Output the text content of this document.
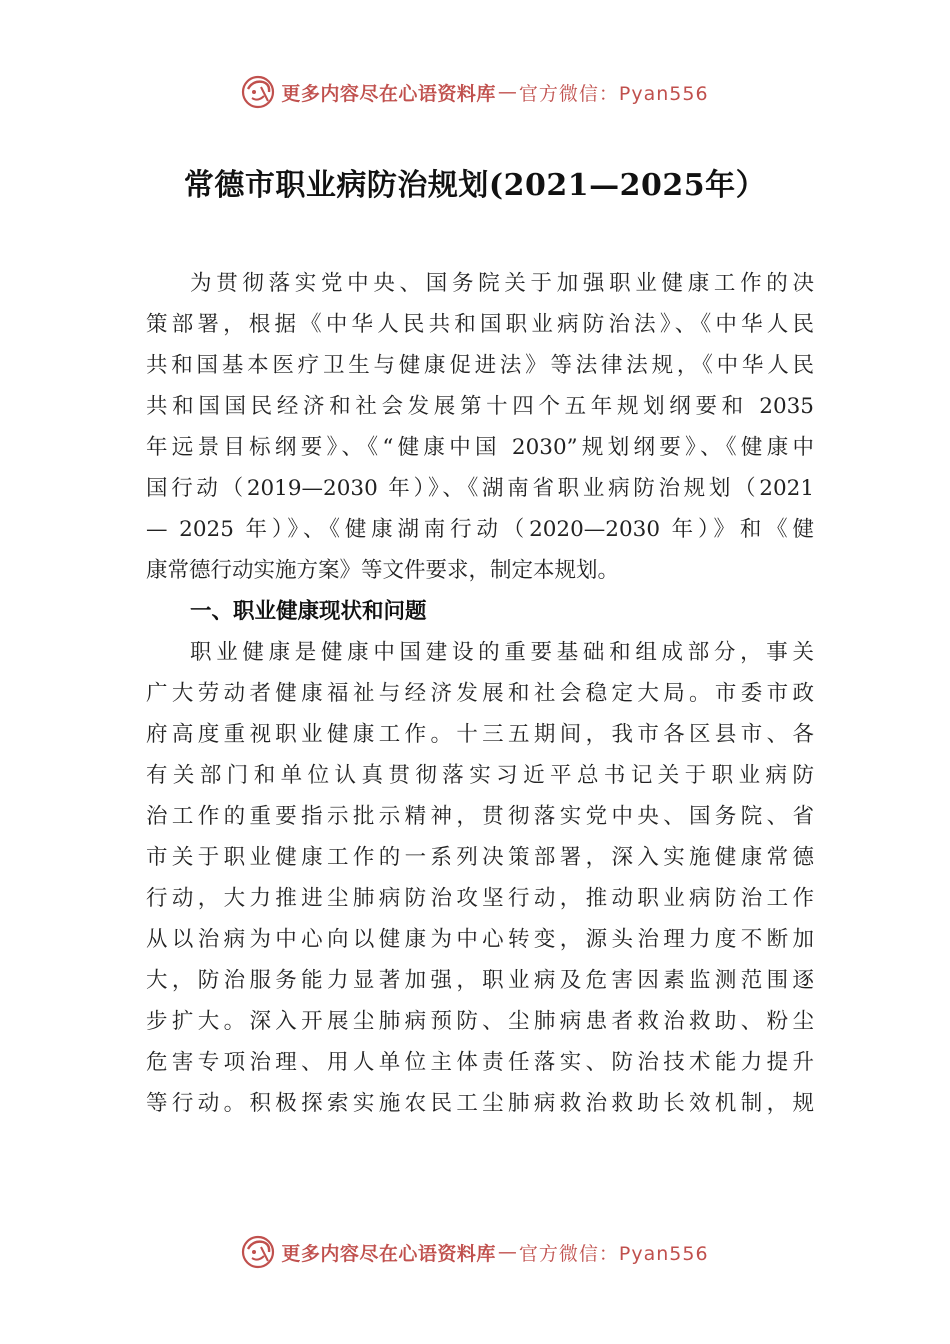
更多内容尽在心语资料库 — 官方微信：Pyan556
常德市职业病防治规划(2021—2025年）
为贯彻落实党中央、国务院关于加强职业健康工作的决
策部署，根据《中华人民共和国职业病防治法》、《中华人民
共和国基本医疗卫生与健康促进法》等法律法规，《中华人民
共和国国民经济和社会发展第十四个五年规划纲要和 2035
年远景目标纲要》、《“健康中国 2030”规划纲要》、《健康中
国行动（2019—2030 年）》、《湖南省职业病防治规划（2021
— 2025 年）》、《健康湖南行动（2020—2030 年）》和《健
康常德行动实施方案》等文件要求，制定本规划。
一、职业健康现状和问题
职业健康是健康中国建设的重要基础和组成部分，事关
广大劳动者健康福祉与经济发展和社会稳定大局。市委市政
府高度重视职业健康工作。十三五期间，我市各区县市、各
有关部门和单位认真贯彻落实习近平总书记关于职业病防
治工作的重要指示批示精神，贯彻落实党中央、国务院、省
市关于职业健康工作的一系列决策部署，深入实施健康常德
行动，大力推进尘肺病防治攻坚行动，推动职业病防治工作
从以治病为中心向以健康为中心转变，源头治理力度不断加
大，防治服务能力显著加强，职业病及危害因素监测范围逐
步扩大。深入开展尘肺病预防、尘肺病患者救治救助、粉尘
危害专项治理、用人单位主体责任落实、防治技术能力提升
等行动。积极探索实施农民工尘肺病救治救助长效机制，规
更多内容尽在心语资料库 — 官方微信：Pyan556
